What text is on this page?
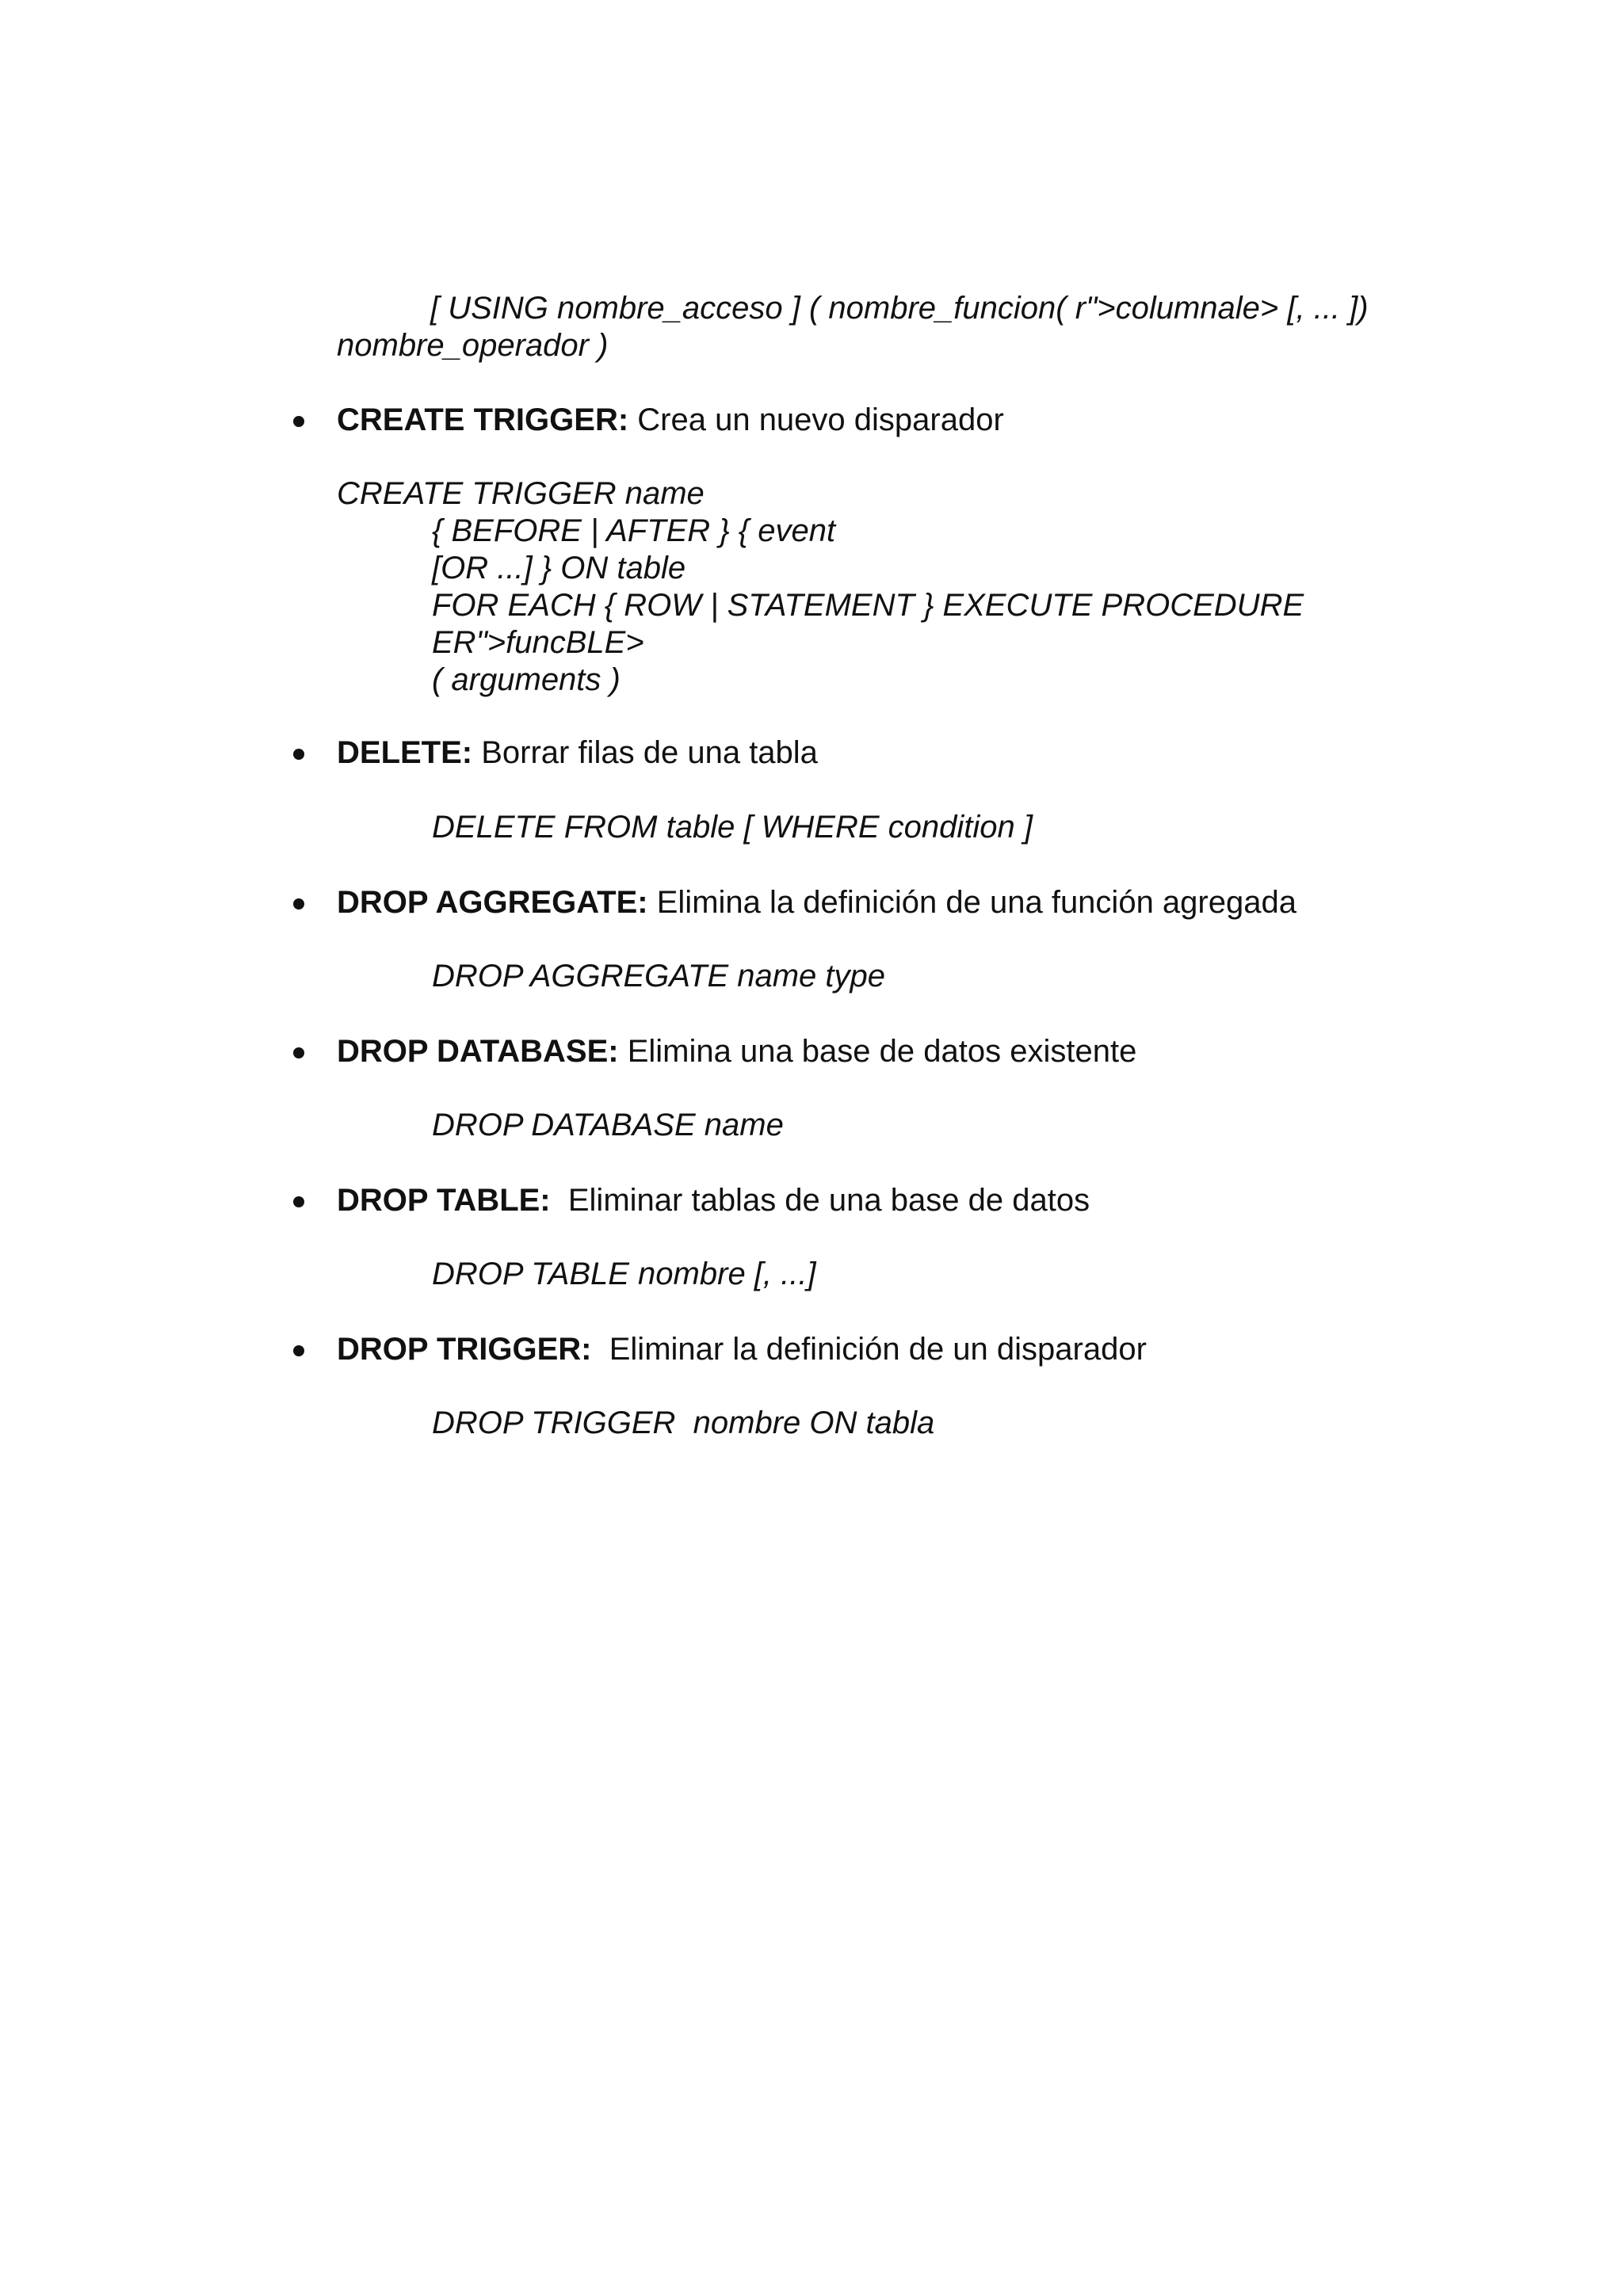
[ USING nombre_acceso ] ( nombre_funcion( r">columnale> [, ... ])
nombre_operador )
CREATE TRIGGER: Crea un nuevo disparador
CREATE TRIGGER name
{ BEFORE | AFTER } { event
[OR ...] } ON table
FOR EACH { ROW | STATEMENT } EXECUTE PROCEDURE
ER">funcBLE>
( arguments )
DELETE: Borrar filas de una tabla
DELETE FROM table [ WHERE condition ]
DROP AGGREGATE: Elimina la definición de una función agregada
DROP AGGREGATE name type
DROP DATABASE: Elimina una base de datos existente
DROP DATABASE name
DROP TABLE:  Eliminar tablas de una base de datos
DROP TABLE nombre [, ...]
DROP TRIGGER:  Eliminar la definición de un disparador
DROP TRIGGER  nombre ON tabla
